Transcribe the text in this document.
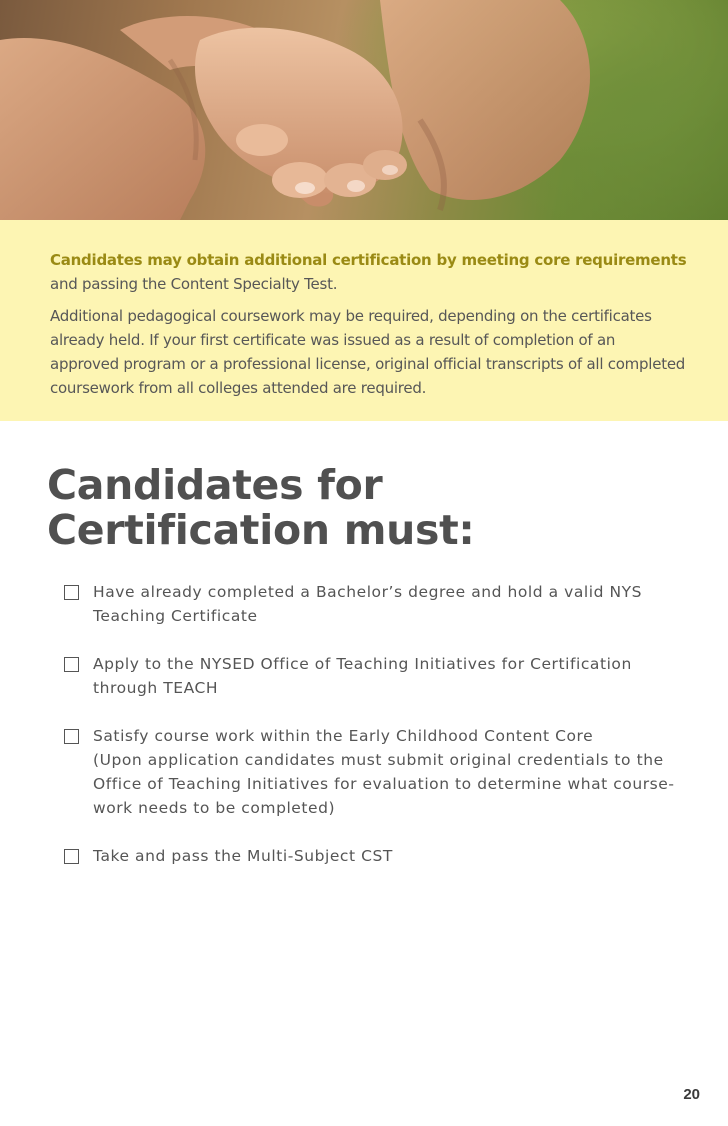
Candidates may obtain additional certification by meeting core requirements
and passing the Content Specialty Test.

Additional pedagogical coursework may be required, depending on the certificates already held. If your first certificate was issued as a result of completion of an approved program or a professional license, original official transcripts of all completed coursework from all colleges attended are required.

Candidates for
Certification must:
Have already completed a Bachelor’s degree and hold a valid NYS Teaching Certificate
Apply to the NYSED Office of Teaching Initiatives for Certification through TEACH
Satisfy course work within the Early Childhood Content Core
(Upon application candidates must submit original credentials to the Office of Teaching Initiatives for evaluation to determine what course-work needs to be completed)
Take and pass the Multi-Subject CST
20
